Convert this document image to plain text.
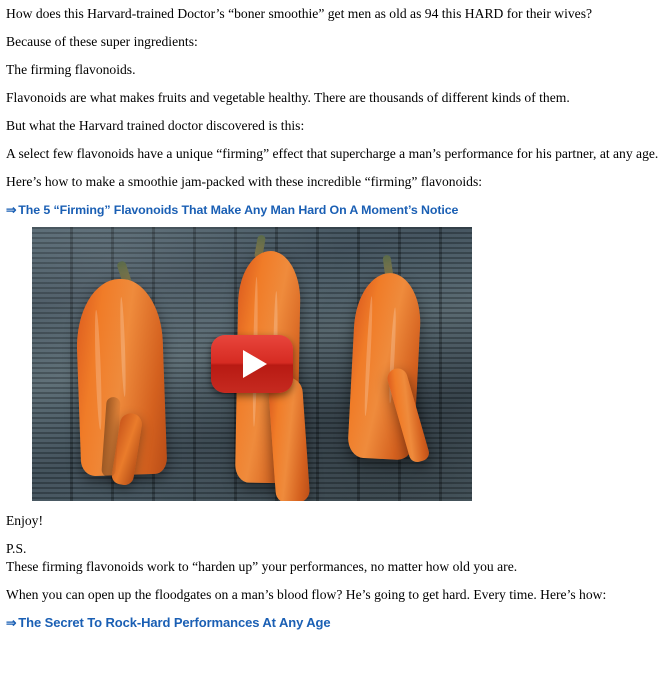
How does this Harvard-trained Doctor’s “boner smoothie” get men as old as 94 this HARD for their wives?

Because of these super ingredients:

The firming flavonoids.

Flavonoids are what makes fruits and vegetable healthy. There are thousands of different kinds of them.

But what the Harvard trained doctor discovered is this:

A select few flavonoids have a unique “firming” effect that supercharge a man’s performance for his partner, at any age.

Here’s how to make a smoothie jam-packed with these incredible “firming” flavonoids:

⇒ The 5 “Firming” Flavonoids That Make Any Man Hard On A Moment’s Notice

Enjoy!

P.S.

These firming flavonoids work to “harden up” your performances, no matter how old you are.

When you can open up the floodgates on a man’s blood flow? He’s going to get hard. Every time. Here’s how:

⇒ The Secret To Rock-Hard Performances At Any Age
